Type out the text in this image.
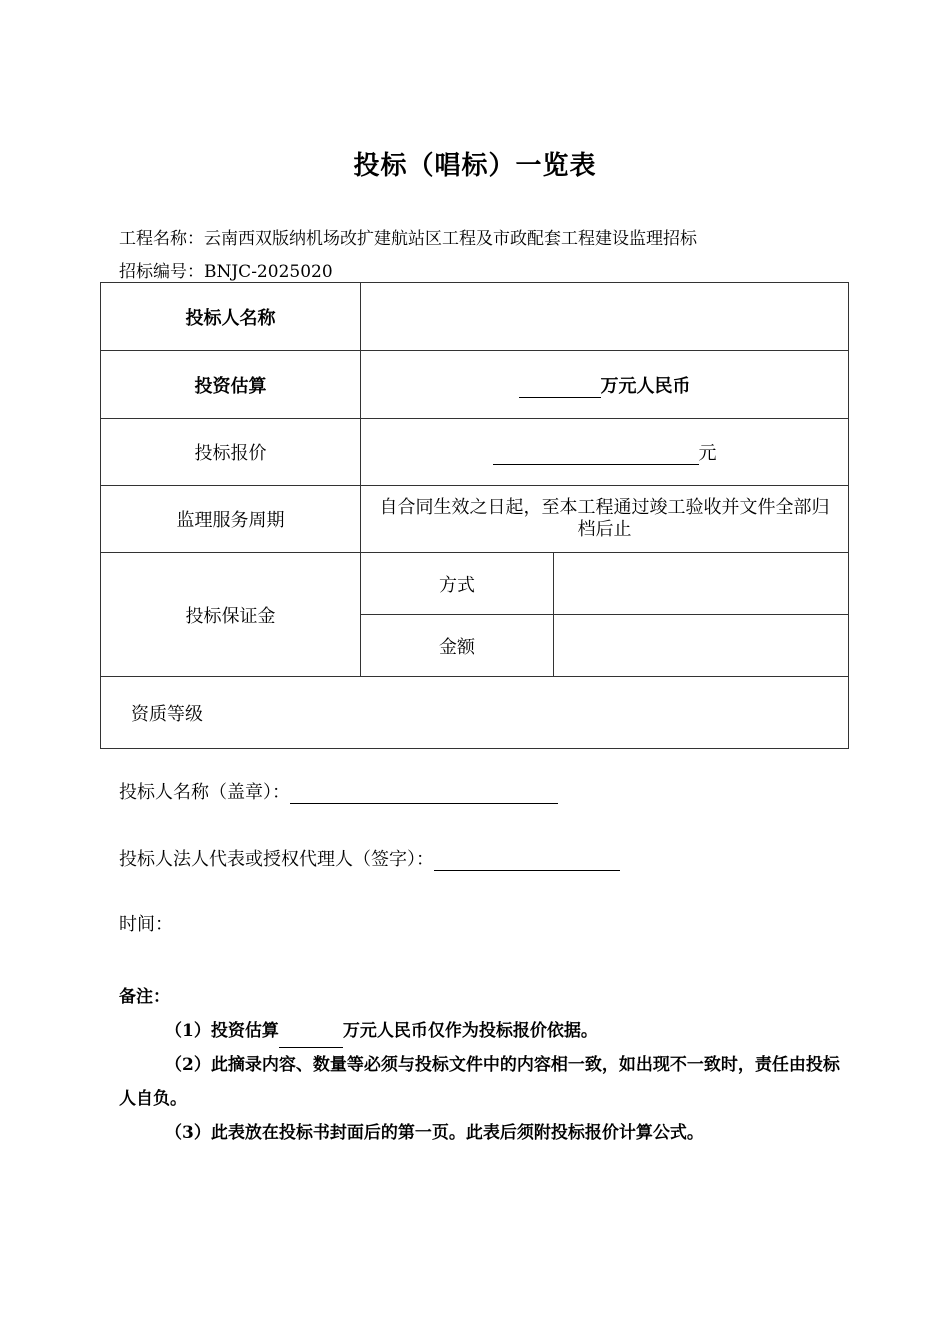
投标（唱标）一览表
工程名称：云南西双版纳机场改扩建航站区工程及市政配套工程建设监理招标
招标编号：BNJC-2025020
投标人名称		
投资估算	万元人民币	
投标报价	元	
监理服务周期	自合同生效之日起，至本工程通过竣工验收并文件全部归档后止	

投标保证金	方式	
	金额	
资质等级		
投标人名称（盖章）：
投标人法人代表或授权代理人（签字）：
时间：

备注：

（1）投资估算	万元人民币仅作为投标报价依据。

（2）此摘录内容、数量等必须与投标文件中的内容相一致，如出现不一致时，责任由投标人自负。

（3）此表放在投标书封面后的第一页。此表后须附投标报价计算公式。
